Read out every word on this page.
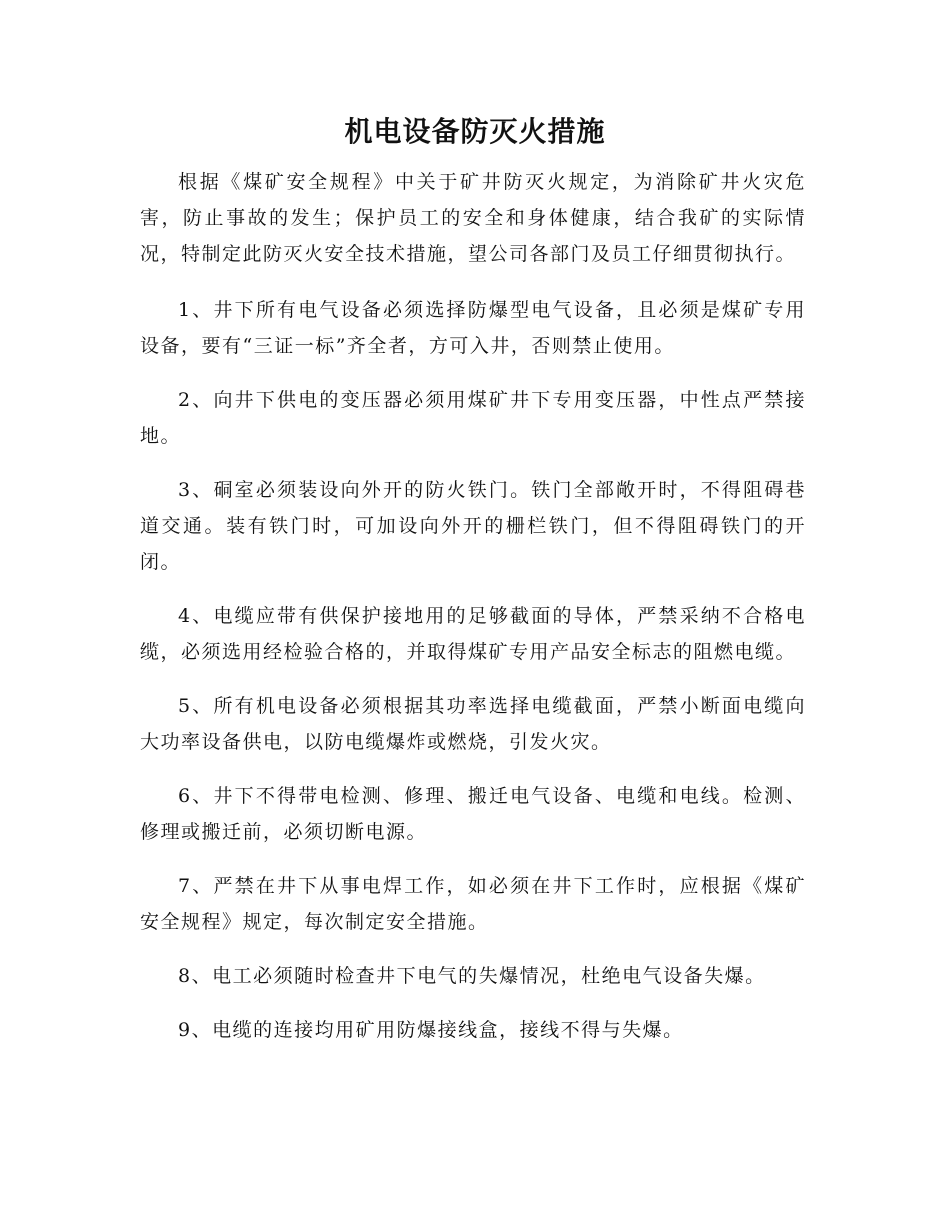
机电设备防灭火措施

根据《煤矿安全规程》中关于矿井防灭火规定，为消除矿井火灾危害，防止事故的发生；保护员工的安全和身体健康，结合我矿的实际情况，特制定此防灭火安全技术措施，望公司各部门及员工仔细贯彻执行。

1、井下所有电气设备必须选择防爆型电气设备，且必须是煤矿专用设备，要有“三证一标”齐全者，方可入井，否则禁止使用。

2、向井下供电的变压器必须用煤矿井下专用变压器，中性点严禁接地。

3、硐室必须装设向外开的防火铁门。铁门全部敞开时，不得阻碍巷道交通。装有铁门时，可加设向外开的栅栏铁门，但不得阻碍铁门的开闭。

4、电缆应带有供保护接地用的足够截面的导体，严禁采纳不合格电缆，必须选用经检验合格的，并取得煤矿专用产品安全标志的阻燃电缆。

5、所有机电设备必须根据其功率选择电缆截面，严禁小断面电缆向大功率设备供电，以防电缆爆炸或燃烧，引发火灾。

6、井下不得带电检测、修理、搬迁电气设备、电缆和电线。检测、修理或搬迁前，必须切断电源。

7、严禁在井下从事电焊工作，如必须在井下工作时，应根据《煤矿安全规程》规定，每次制定安全措施。

8、电工必须随时检查井下电气的失爆情况，杜绝电气设备失爆。

9、电缆的连接均用矿用防爆接线盒，接线不得与失爆。
